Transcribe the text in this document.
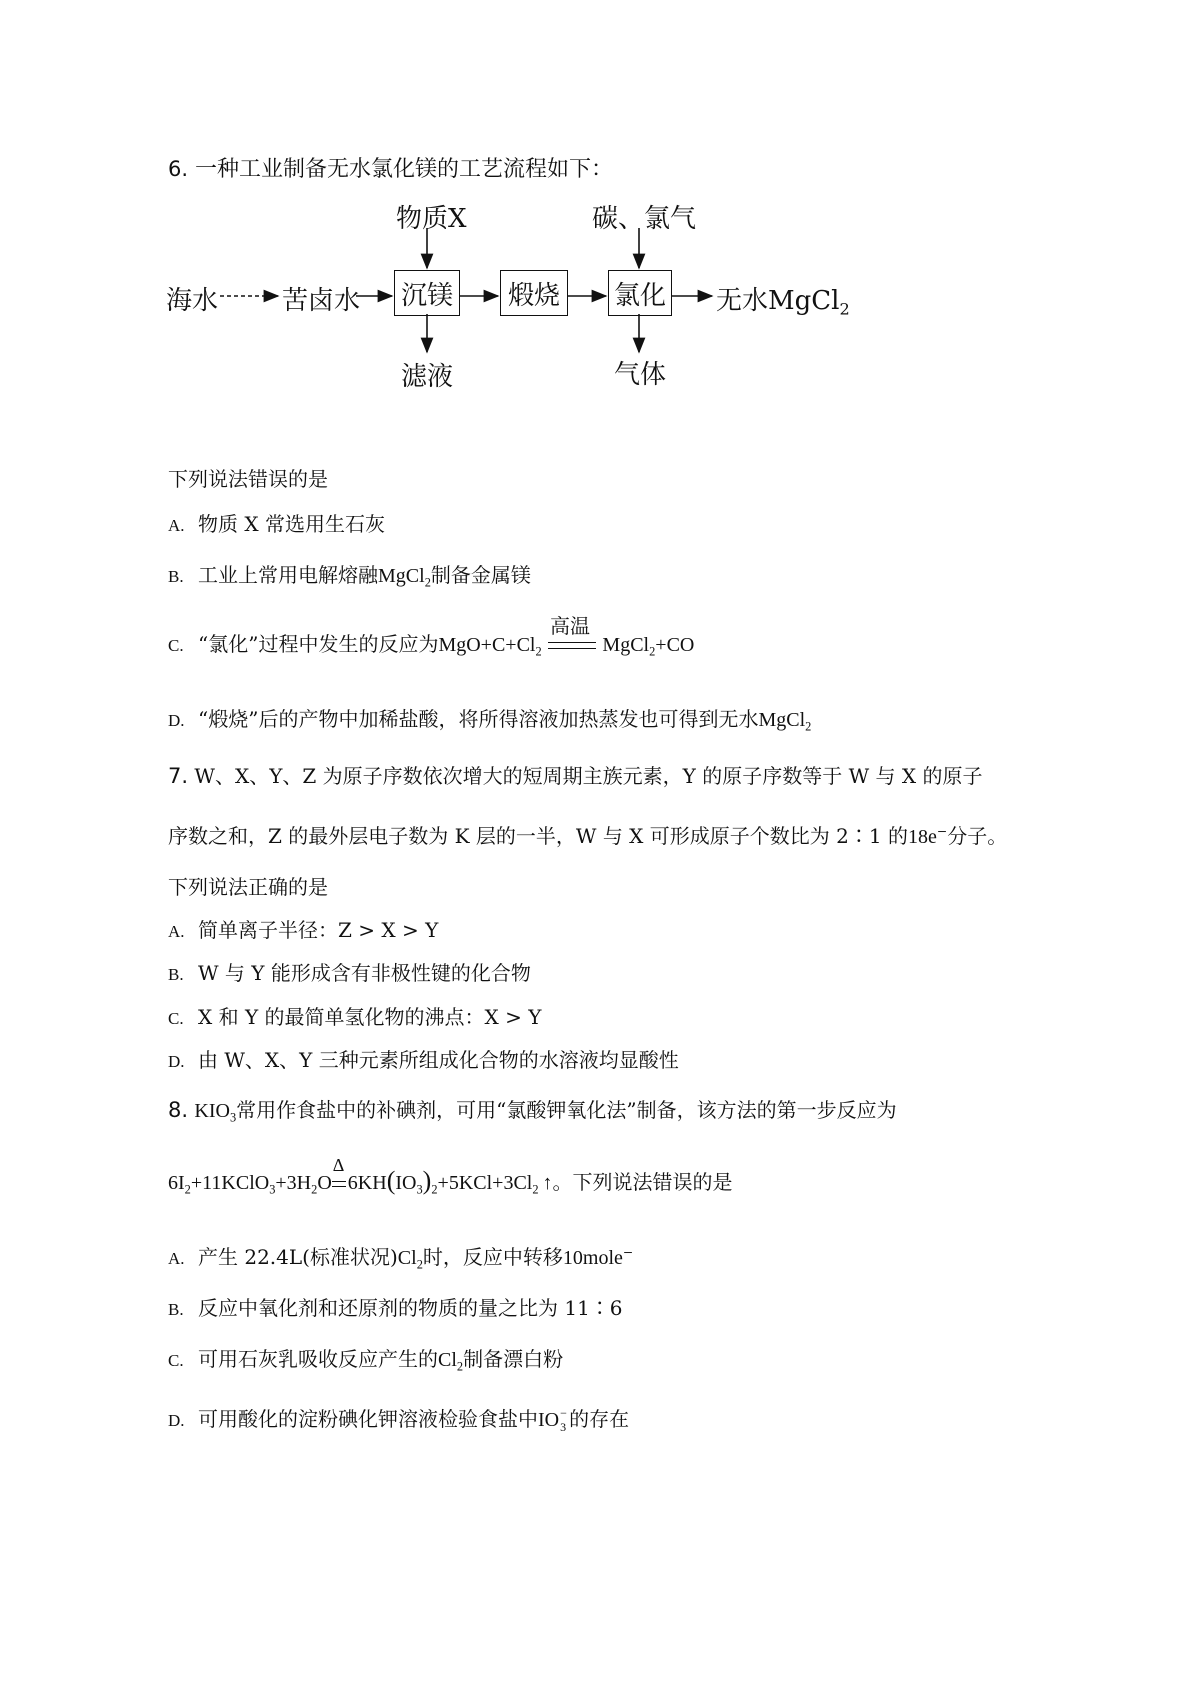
6. 一种工业制备无水氯化镁的工艺流程如下：
海水 苦卤水 沉镁 煅烧 氯化
物质X	碳、氯气
滤液	气体
无水MgCl$_2$
下列说法错误的是
A. 物质 X 常选用生石灰
B. 工业上常用电解熔融MgCl$_2$制备金属镁
C. “氯化”过程中发生的反应为$MgO+C+Cl_2$
高温
MgCl$_2$+CO
D. “煅烧”后的产物中加稀盐酸，将所得溶液加热蒸发也可得到无水MgCl$_2$
7. W、X、Y、Z 为原子序数依次增大的短周期主族元素，Y 的原子序数等于 W 与 X 的原子
序数之和，Z 的最外层电子数为 K 层的一半，W 与 X 可形成原子个数比为 2∶1 的18e−分子。
下列说法正确的是
A. 简单离子半径：Z > X > Y
B. W 与 Y 能形成含有非极性键的化合物
C. X 和 Y 的最简单氢化物的沸点：X > Y
D. 由 W、X、Y 三种元素所组成化合物的水溶液均显酸性
8. $KIO_3$常用作食盐中的补碘剂，可用“氯酸钾氧化法”制备，该方法的第一步反应为
$6I_2+11KClO_3+3H_2O$
Δ
$6KH(IO_3)_2+5KCl+3Cl_2$ ↑。下列说法错误的是
A. 产生 22.4L(标准状况)$Cl_2$时，反应中转移10mole−
B. 反应中氧化剂和还原剂的物质的量之比为 11∶6
C. 可用石灰乳吸收反应产生的$Cl_2$制备漂白粉
D. 可用酸化的淀粉碘化钾溶液检验食盐中IO −
3 的存在
